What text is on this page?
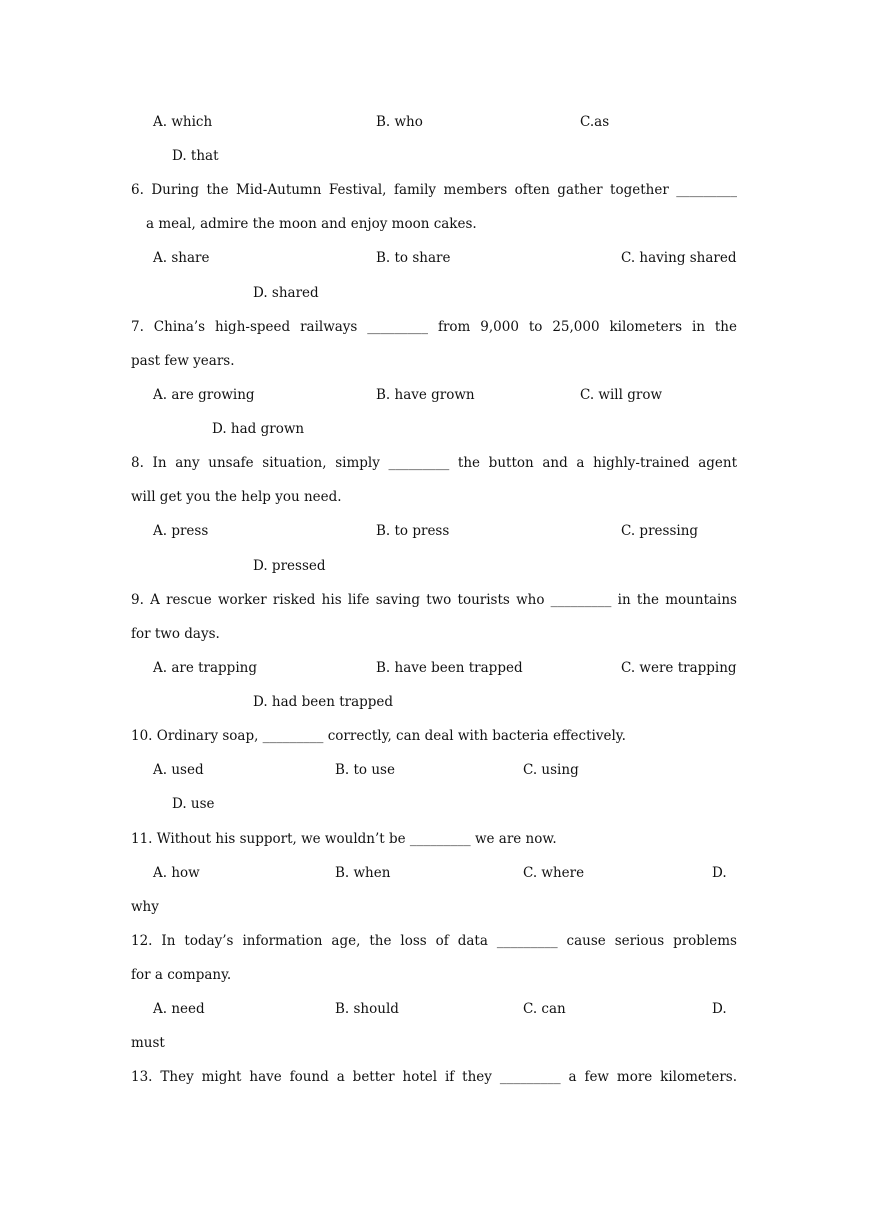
A. which	B. who	C.as
D. that
6. During the Mid-Autumn Festival, family members often gather together _________
a meal, admire the moon and enjoy moon cakes.
A. share	B. to share	C. having shared
D. shared
7. China’s high-speed railways _________ from 9,000 to 25,000 kilometers in the
past few years.
A. are growing	B. have grown	C. will grow
D. had grown
8. In any unsafe situation, simply _________ the button and a highly-trained agent
will get you the help you need.
A. press	B. to press	C. pressing
D. pressed
9. A rescue worker risked his life saving two tourists who _________ in the mountains
for two days.
A. are trapping	B. have been trapped	C. were trapping
D. had been trapped
10. Ordinary soap, _________ correctly, can deal with bacteria effectively.
A. used	B. to use	C. using
D. use
11. Without his support, we wouldn’t be _________ we are now.
A. how	B. when	C. where	D.
why
12. In today’s information age, the loss of data _________ cause serious problems
for a company.
A. need	B. should	C. can	D.
must
13. They might have found a better hotel if they _________ a few more kilometers.
